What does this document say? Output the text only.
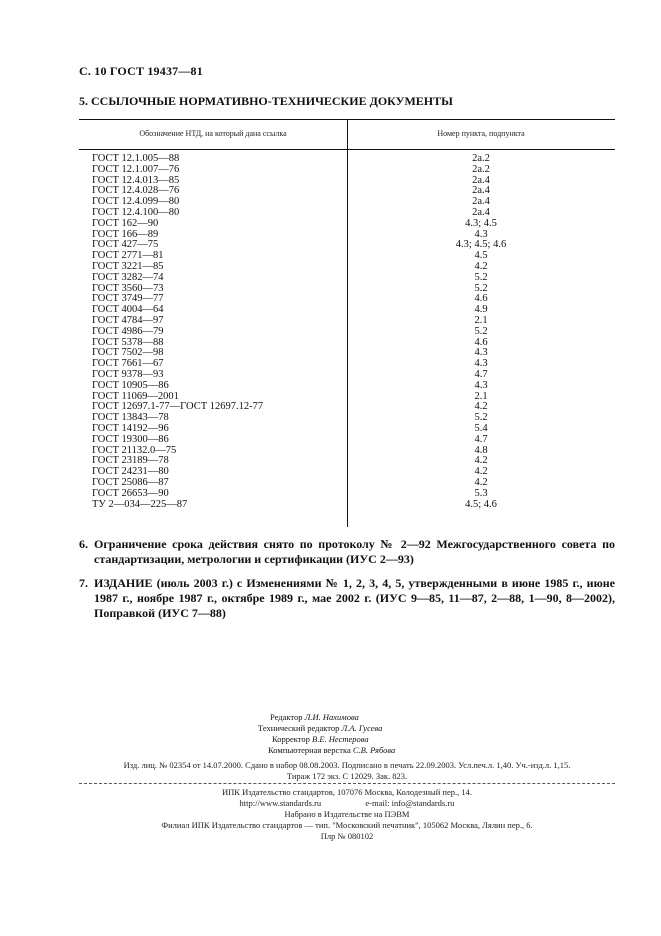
С. 10 ГОСТ 19437—81
5. ССЫЛОЧНЫЕ НОРМАТИВНО-ТЕХНИЧЕСКИЕ ДОКУМЕНТЫ
Обозначение НТД, на который дана ссылка	Номер пункта, подпункта
ГОСТ 12.1.005—88	2a.2
ГОСТ 12.1.007—76	2a.2
ГОСТ 12.4.013—85	2a.4
ГОСТ 12.4.028—76	2a.4
ГОСТ 12.4.099—80	2a.4
ГОСТ 12.4.100—80	2a.4
ГОСТ 162—90	4.3; 4.5
ГОСТ 166—89	4.3
ГОСТ 427—75	4.3; 4.5; 4.6
ГОСТ 2771—81	4.5
ГОСТ 3221—85	4.2
ГОСТ 3282—74	5.2
ГОСТ 3560—73	5.2
ГОСТ 3749—77	4.6
ГОСТ 4004—64	4.9
ГОСТ 4784—97	2.1
ГОСТ 4986—79	5.2
ГОСТ 5378—88	4.6
ГОСТ 7502—98	4.3
ГОСТ 7661—67	4.3
ГОСТ 9378—93	4.7
ГОСТ 10905—86	4.3
ГОСТ 11069—2001	2.1
ГОСТ 12697.1-77—ГОСТ 12697.12-77	4.2
ГОСТ 13843—78	5.2
ГОСТ 14192—96	5.4
ГОСТ 19300—86	4.7
ГОСТ 21132.0—75	4.8
ГОСТ 23189—78	4.2
ГОСТ 24231—80	4.2
ГОСТ 25086—87	4.2
ГОСТ 26653—90	5.3
ТУ 2—034—225—87	4.5; 4.6
6. Ограничение срока действия снято по протоколу № 2—92 Межгосударственного совета по стандартизации, метрологии и сертификации (ИУС 2—93)
7. ИЗДАНИЕ (июль 2003 г.) с Изменениями № 1, 2, 3, 4, 5, утвержденными в июне 1985 г., июне 1987 г., ноябре 1987 г., октябре 1989 г., мае 2002 г. (ИУС 9—85, 11—87, 2—88, 1—90, 8—2002), Поправкой (ИУС 7—88)
Редактор Л.И. Нахимова
Технический редактор Л.А. Гусева
Корректор В.Е. Нестерова
Компьютерная верстка С.В. Рябова
Изд. лиц. № 02354 от 14.07.2000. Сдано в набор 08.08.2003. Подписано в печать 22.09.2003. Усл.печ.л. 1,40. Уч.-изд.л. 1,15.
Тираж 172 экз. С 12029. Зак. 823.
ИПК Издательство стандартов, 107076 Москва, Колодезный пер., 14.
http://www.standards.ru	e-mail: info@standards.ru
Набрано в Издательстве на ПЭВМ
Филиал ИПК Издательство стандартов — тип. "Московский печатник", 105062 Москва, Лялин пер., 6.
Плр № 080102
